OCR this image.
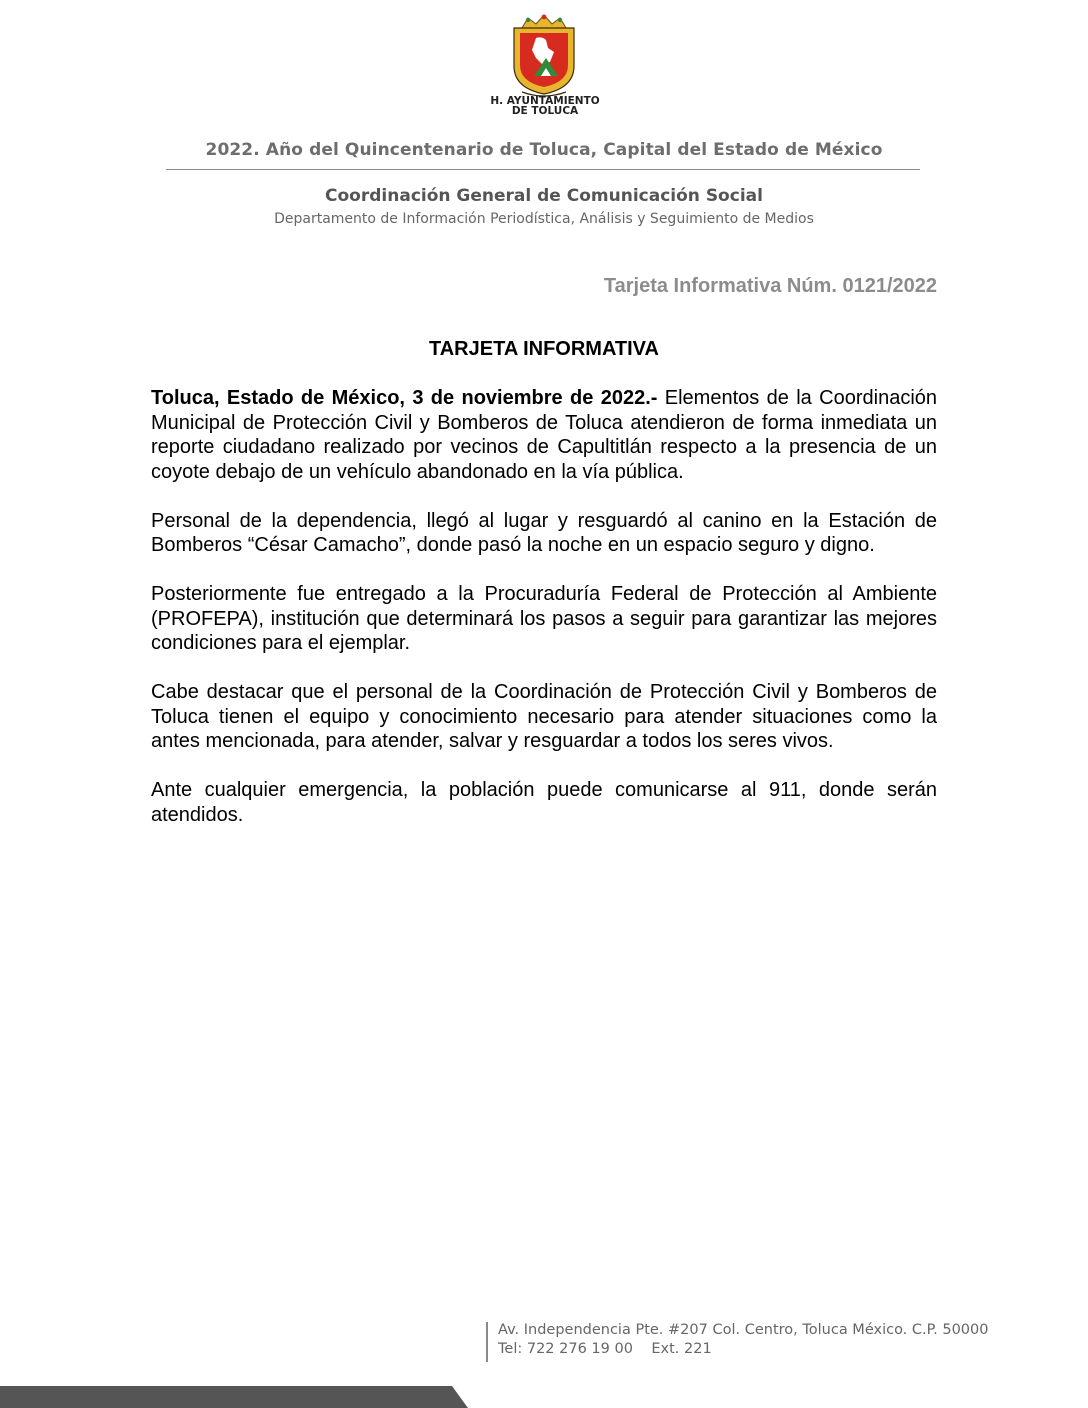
H. AYUNTAMIENTO
DE TOLUCA
2022. Año del Quincentenario de Toluca, Capital del Estado de México
Coordinación General de Comunicación Social
Departamento de Información Periodística, Análisis y Seguimiento de Medios
Tarjeta Informativa Núm. 0121/2022
TARJETA INFORMATIVA

Toluca, Estado de México, 3 de noviembre de 2022.- Elementos de la Coordinación Municipal de Protección Civil y Bomberos de Toluca atendieron de forma inmediata un reporte ciudadano realizado por vecinos de Capultitlán respecto a la presencia de un coyote debajo de un vehículo abandonado en la vía pública.

Personal de la dependencia, llegó al lugar y resguardó al canino en la Estación de Bomberos “César Camacho”, donde pasó la noche en un espacio seguro y digno.

Posteriormente fue entregado a la Procuraduría Federal de Protección al Ambiente (PROFEPA), institución que determinará los pasos a seguir para garantizar las mejores condiciones para el ejemplar.

Cabe destacar que el personal de la Coordinación de Protección Civil y Bomberos de Toluca tienen el equipo y conocimiento necesario para atender situaciones como la antes mencionada, para atender, salvar y resguardar a todos los seres vivos.

Ante cualquier emergencia, la población puede comunicarse al 911, donde serán atendidos.

Av. Independencia Pte. #207 Col. Centro, Toluca México. C.P. 50000
Tel: 722 276 19 00    Ext. 221
